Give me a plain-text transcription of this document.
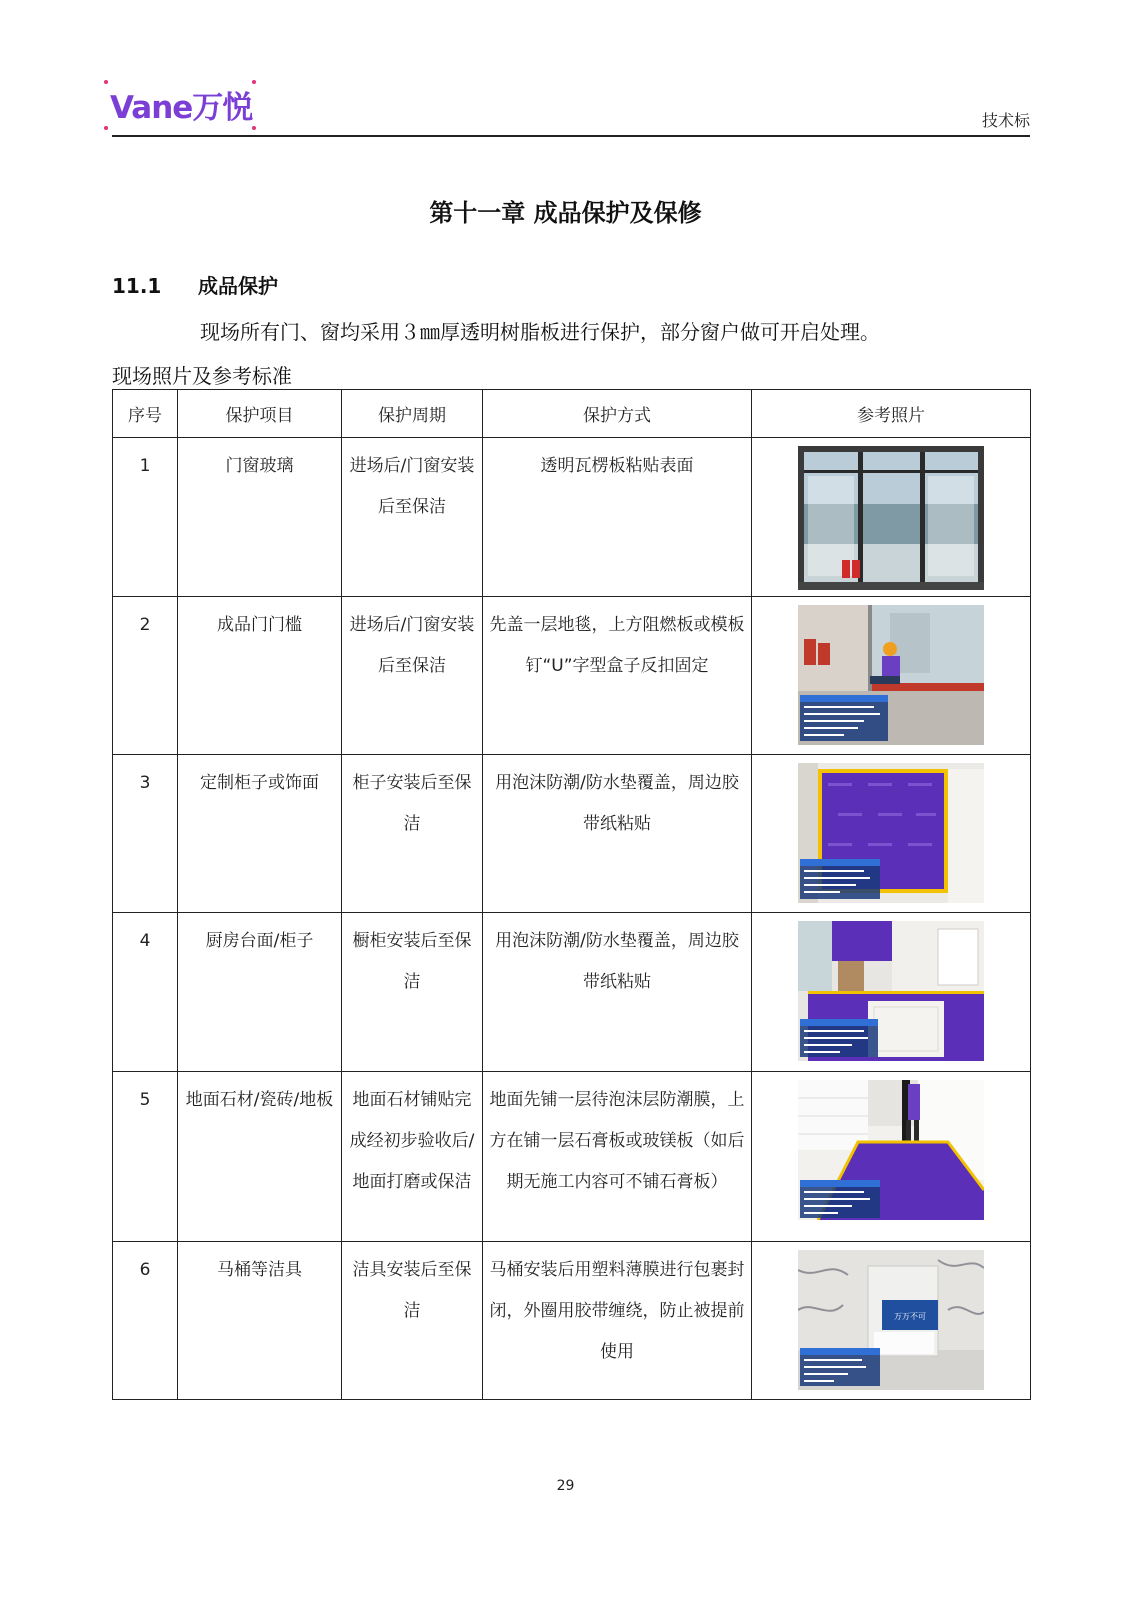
Vane万悦	技术标
第十一章 成品保护及保修
11.1 成品保护
现场所有门、窗均采用３㎜厚透明树脂板进行保护，部分窗户做可开启处理。
现场照片及参考标准
序号	保护项目	保护周期	保护方式	参考照片
1	门窗玻璃	进场后/门窗安装后至保洁	透明瓦楞板粘贴表面	

2	成品门门槛	进场后/门窗安装后至保洁	先盖一层地毯，上方阻燃板或模板钉“U”字型盒子反扣固定	

3	定制柜子或饰面	柜子安装后至保洁	用泡沫防潮/防水垫覆盖，周边胶带纸粘贴	

4	厨房台面/柜子	橱柜安装后至保洁	用泡沫防潮/防水垫覆盖，周边胶带纸粘贴	

5	地面石材/瓷砖/地板	地面石材铺贴完成经初步验收后/地面打磨或保洁	地面先铺一层待泡沫层防潮膜，上方在铺一层石膏板或玻镁板（如后期无施工内容可不铺石膏板）	

6	马桶等洁具	洁具安装后至保洁	马桶安装后用塑料薄膜进行包裹封闭，外圈用胶带缠绕，防止被提前使用	万万不可
29
